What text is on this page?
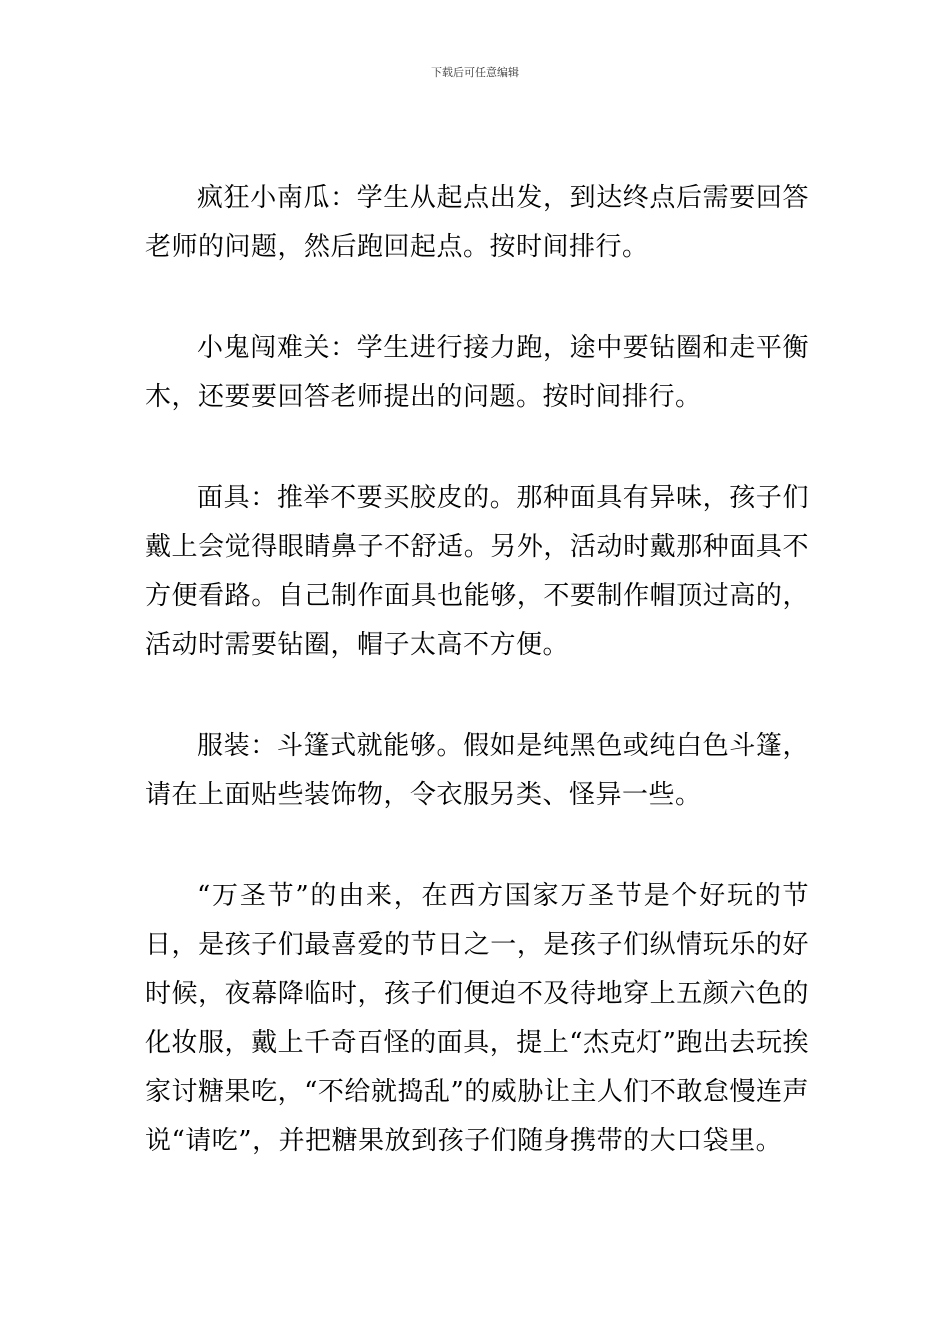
下载后可任意编辑

疯狂小南瓜：学生从起点出发，到达终点后需要回答老师的问题，然后跑回起点。按时间排行。

小鬼闯难关：学生进行接力跑，途中要钻圈和走平衡木，还要要回答老师提出的问题。按时间排行。

面具：推举不要买胶皮的。那种面具有异味，孩子们戴上会觉得眼睛鼻子不舒适。另外，活动时戴那种面具不方便看路。自己制作面具也能够，不要制作帽顶过高的，活动时需要钻圈，帽子太高不方便。

服装：斗篷式就能够。假如是纯黑色或纯白色斗篷，请在上面贴些装饰物，令衣服另类、怪异一些。

“万圣节”的由来，在西方国家万圣节是个好玩的节日，是孩子们最喜爱的节日之一，是孩子们纵情玩乐的好时候，夜幕降临时，孩子们便迫不及待地穿上五颜六色的化妆服，戴上千奇百怪的面具，提上“杰克灯”跑出去玩挨家讨糖果吃，“不给就捣乱”的威胁让主人们不敢怠慢连声说“请吃”，并把糖果放到孩子们随身携带的大口袋里。
